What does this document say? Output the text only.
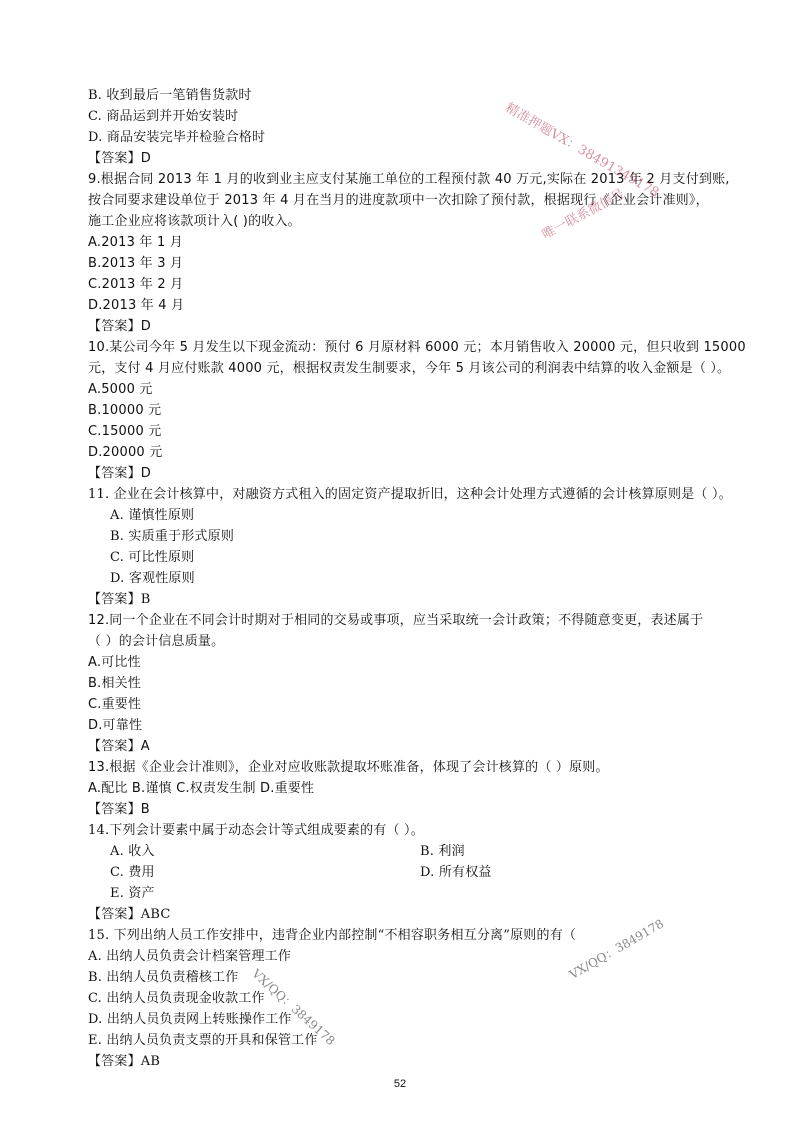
B. 收到最后一笔销售货款时
C. 商品运到并开始安装时
D. 商品安装完毕并检验合格时
【答案】D
9.根据合同 2013 年 1 月的收到业主应支付某施工单位的工程预付款 40 万元,实际在 2013 年 2 月支付到账,
按合同要求建设单位于 2013 年 4 月在当月的进度款项中一次扣除了预付款，根据现行《企业会计准则》，
施工企业应将该款项计入( )的收入。
A.2013 年 1 月
B.2013 年 3 月
C.2013 年 2 月
D.2013 年 4 月
【答案】D
10.某公司今年 5 月发生以下现金流动：预付 6 月原材料 6000 元；本月销售收入 20000 元，但只收到 15000
元，支付 4 月应付账款 4000 元，根据权责发生制要求，今年 5 月该公司的利润表中结算的收入金额是（ ）。
A.5000 元
B.10000 元
C.15000 元
D.20000 元
【答案】D
11. 企业在会计核算中，对融资方式租入的固定资产提取折旧，这种会计处理方式遵循的会计核算原则是（ ）。
A. 谨慎性原则
B. 实质重于形式原则
C. 可比性原则
D. 客观性原则
【答案】B
12.同一个企业在不同会计时期对于相同的交易或事项，应当采取统一会计政策；不得随意变更，表述属于
（ ）的会计信息质量。
A.可比性
B.相关性
C.重要性
D.可靠性
【答案】A
13.根据《企业会计准则》，企业对应收账款提取坏账准备，体现了会计核算的（ ）原则。
A.配比 B.谨慎 C.权责发生制 D.重要性
【答案】B
14.下列会计要素中属于动态会计等式组成要素的有（ ）。
A. 收入	B. 利润
C. 费用	D. 所有权益
E. 资产
【答案】ABC
15. 下列出纳人员工作安排中，违背企业内部控制“不相容职务相互分离”原则的有（
A. 出纳人员负责会计档案管理工作
B. 出纳人员负责稽核工作
C. 出纳人员负责现金收款工作
D. 出纳人员负责网上转账操作工作
E. 出纳人员负责支票的开具和保管工作
【答案】AB
52
精准押题VX：38491349178
唯一联系微信号
VX/QQ：3849178
VX/QQ：3849178
